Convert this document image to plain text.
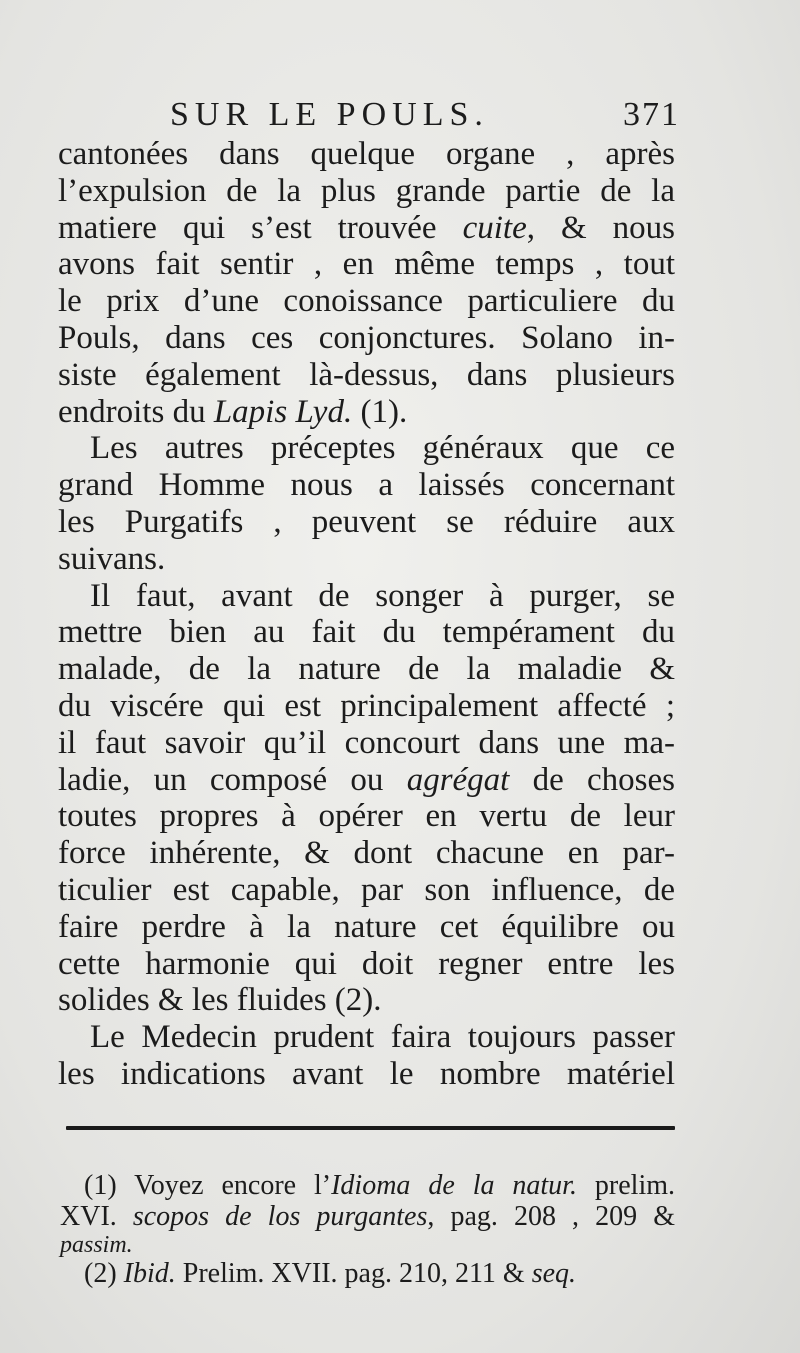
SUR LE POULS.	371
cantonées dans quelque organe , après
l’expulsion de la plus grande partie de la
matiere qui s’est trouvée cuite, & nous
avons fait sentir , en même temps , tout
le prix d’une conoissance particuliere du
Pouls, dans ces conjonctures. Solano in-
siste également là-dessus, dans plusieurs
endroits du Lapis Lyd. (1).
Les autres préceptes généraux que ce
grand Homme nous a laissés concernant
les Purgatifs , peuvent se réduire aux
suivans.
Il faut, avant de songer à purger, se
mettre bien au fait du tempérament du
malade, de la nature de la maladie &
du viscére qui est principalement affecté ;
il faut savoir qu’il concourt dans une ma-
ladie, un composé ou agrégat de choses
toutes propres à opérer en vertu de leur
force inhérente, & dont chacune en par-
ticulier est capable, par son influence, de
faire perdre à la nature cet équilibre ou
cette harmonie qui doit regner entre les
solides & les fluides (2).
Le Medecin prudent faira toujours passer
les indications avant le nombre matériel
(1) Voyez encore l’Idioma de la natur. prelim.
XVI. scopos de los purgantes, pag. 208 , 209 &
passim.
(2) Ibid. Prelim. XVII. pag. 210, 211 & seq.
